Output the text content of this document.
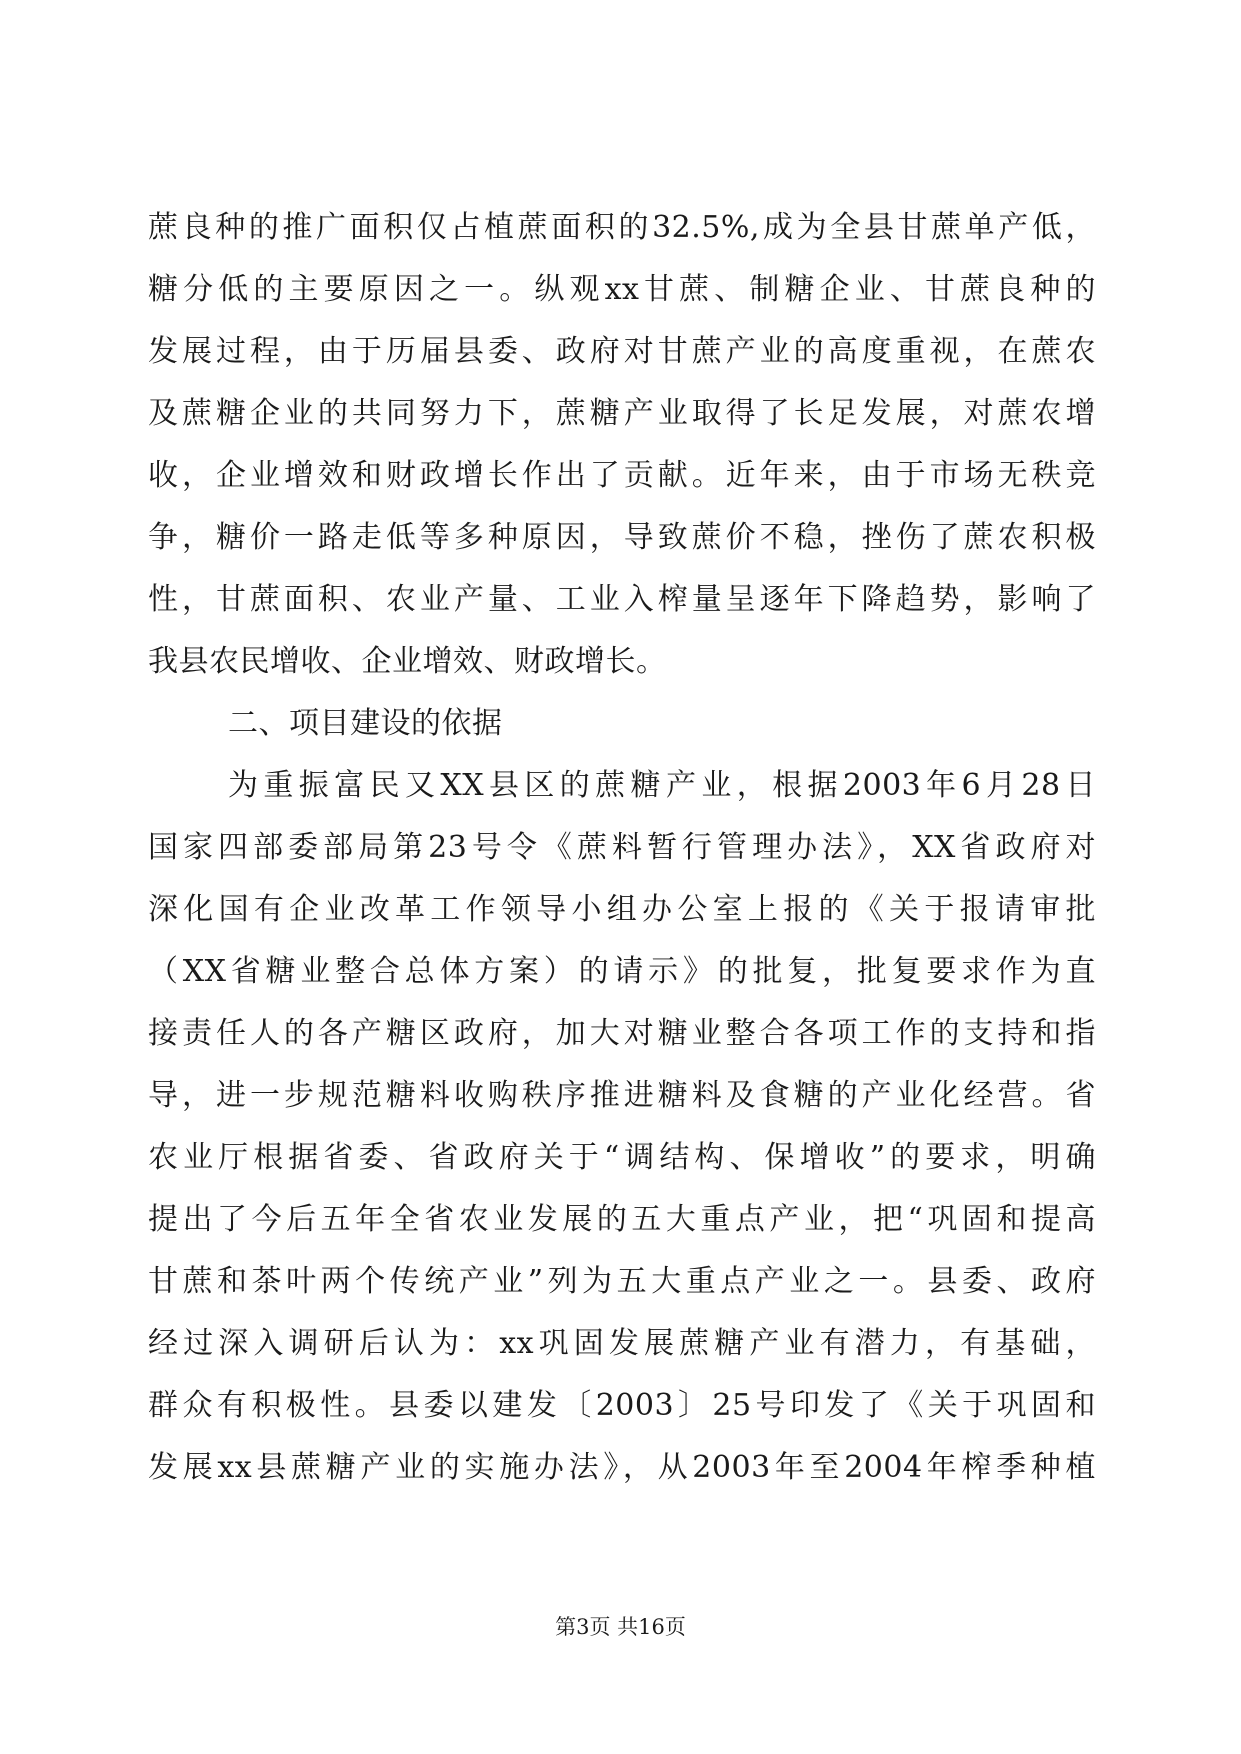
蔗良种的推广面积仅占植蔗面积的32.5%,成为全县甘蔗单产低，
糖分低的主要原因之一。纵观xx甘蔗、制糖企业、甘蔗良种的
发展过程，由于历届县委、政府对甘蔗产业的高度重视，在蔗农
及蔗糖企业的共同努力下，蔗糖产业取得了长足发展，对蔗农增
收，企业增效和财政增长作出了贡献。近年来，由于市场无秩竞
争，糖价一路走低等多种原因，导致蔗价不稳，挫伤了蔗农积极
性，甘蔗面积、农业产量、工业入榨量呈逐年下降趋势，影响了
我县农民增收、企业增效、财政增长。
二、项目建设的依据
为重振富民又XX县区的蔗糖产业，根据2003年6月28日
国家四部委部局第23号令《蔗料暂行管理办法》，XX省政府对
深化国有企业改革工作领导小组办公室上报的《关于报请审批
（XX省糖业整合总体方案）的请示》的批复，批复要求作为直
接责任人的各产糖区政府，加大对糖业整合各项工作的支持和指
导，进一步规范糖料收购秩序推进糖料及食糖的产业化经营。省
农业厅根据省委、省政府关于“调结构、保增收”的要求，明确
提出了今后五年全省农业发展的五大重点产业，把“巩固和提高
甘蔗和茶叶两个传统产业”列为五大重点产业之一。县委、政府
经过深入调研后认为：xx巩固发展蔗糖产业有潜力，有基础，
群众有积极性。县委以建发〔2003〕25号印发了《关于巩固和
发展xx县蔗糖产业的实施办法》，从2003年至2004年榨季种植
第3页 共16页
